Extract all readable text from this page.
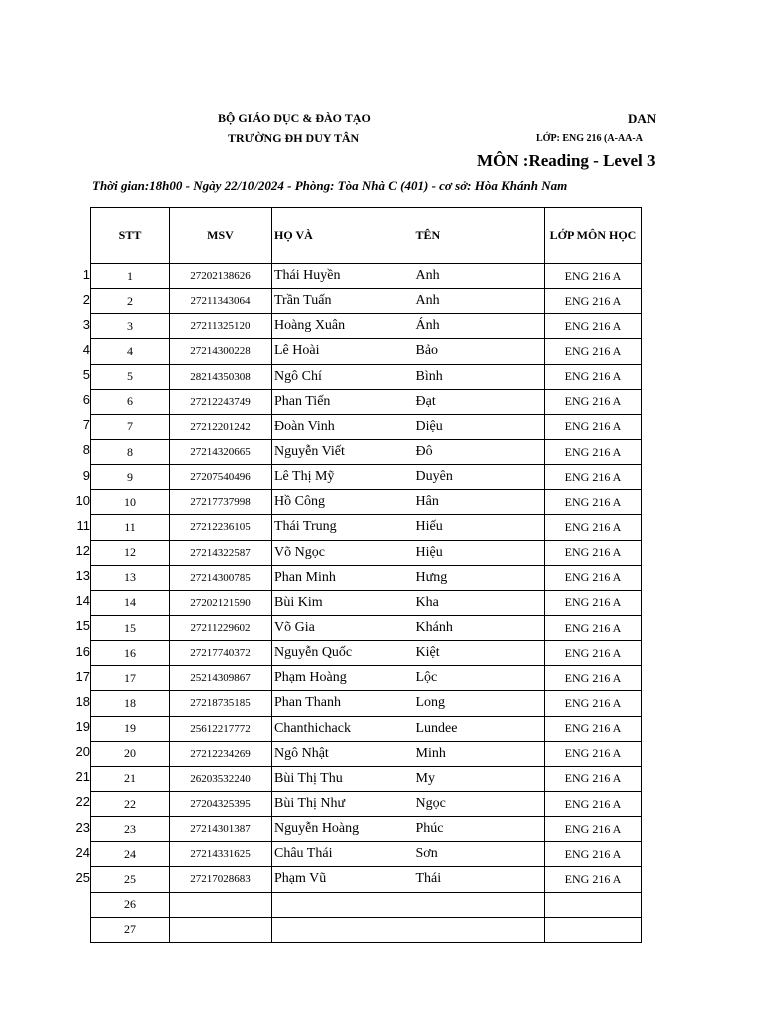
BỘ GIÁO DỤC & ĐÀO TẠO
TRƯỜNG ĐH DUY TÂN
DAN
LỚP: ENG 216 (A-AA-A
MÔN :Reading - Level 3
Thời gian:18h00 - Ngày 22/10/2024 - Phòng: Tòa Nhà C (401) - cơ sở: Hòa Khánh Nam
STT	MSV	HỌ VÀ	TÊN	LỚP MÔN HỌC
1	27202138626	Thái Huyền	Anh	ENG 216 A
2	27211343064	Trần Tuấn	Anh	ENG 216 A
3	27211325120	Hoàng Xuân	Ánh	ENG 216 A
4	27214300228	Lê Hoài	Bảo	ENG 216 A
5	28214350308	Ngô Chí	Bình	ENG 216 A
6	27212243749	Phan Tiến	Đạt	ENG 216 A
7	27212201242	Đoàn Vinh	Diệu	ENG 216 A
8	27214320665	Nguyễn Viết	Đô	ENG 216 A
9	27207540496	Lê Thị Mỹ	Duyên	ENG 216 A
10	27217737998	Hồ Công	Hân	ENG 216 A
11	27212236105	Thái Trung	Hiếu	ENG 216 A
12	27214322587	Võ Ngọc	Hiệu	ENG 216 A
13	27214300785	Phan Minh	Hưng	ENG 216 A
14	27202121590	Bùi Kim	Kha	ENG 216 A
15	27211229602	Võ Gia	Khánh	ENG 216 A
16	27217740372	Nguyễn Quốc	Kiệt	ENG 216 A
17	25214309867	Phạm Hoàng	Lộc	ENG 216 A
18	27218735185	Phan Thanh	Long	ENG 216 A
19	25612217772	Chanthichack	Lundee	ENG 216 A
20	27212234269	Ngô Nhật	Minh	ENG 216 A
21	26203532240	Bùi Thị Thu	My	ENG 216 A
22	27204325395	Bùi Thị Như	Ngọc	ENG 216 A
23	27214301387	Nguyễn Hoàng	Phúc	ENG 216 A
24	27214331625	Châu Thái	Sơn	ENG 216 A
25	27217028683	Phạm Vũ	Thái	ENG 216 A
26				
27				
1
2
3
4
5
6
7
8
9
10
11
12
13
14
15
16
17
18
19
20
21
22
23
24
25
